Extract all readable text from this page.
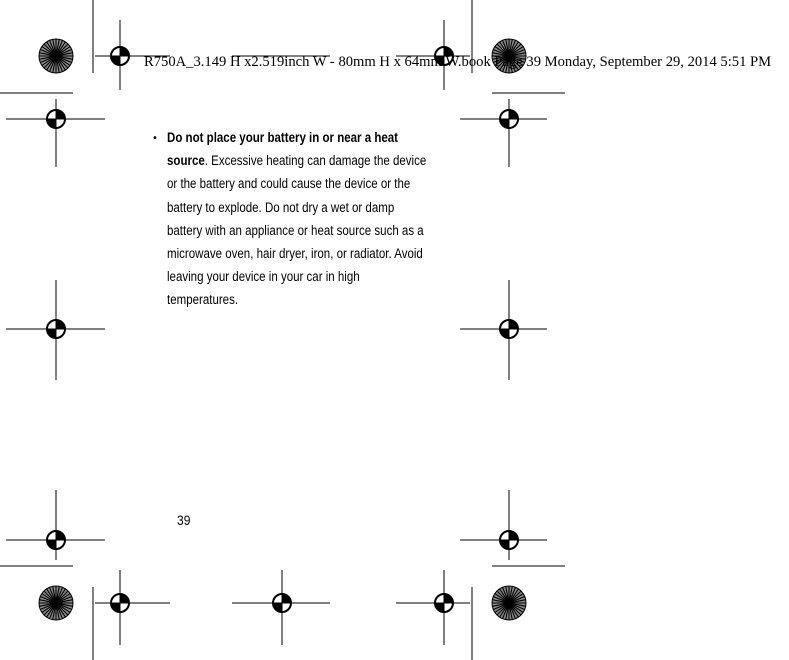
R750A_3.149 H x2.519inch W - 80mm H x 64mm.W.book Page 39 Monday, September 29, 2014 5:51 PM
• Do not place your battery in or near a heat source. Excessive heating can damage the device or the battery and could cause the device or the battery to explode. Do not dry a wet or damp battery with an appliance or heat source such as a microwave oven, hair dryer, iron, or radiator. Avoid leaving your device in your car in high temperatures.
39
